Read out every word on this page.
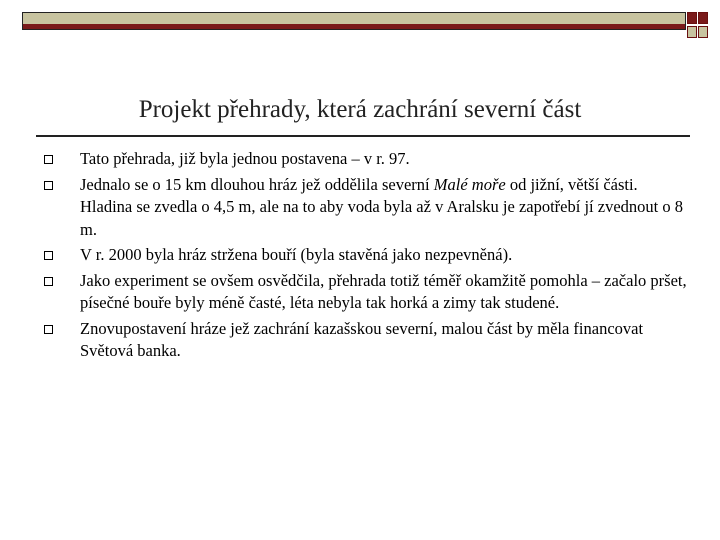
Projekt přehrady, která zachrání severní část
Tato přehrada, již byla jednou postavena – v r. 97.
Jednalo se o 15 km dlouhou hráz jež oddělila severní Malé moře od jižní, větší části. Hladina se zvedla o 4,5 m, ale na to aby voda byla až v Aralsku je zapotřebí jí zvednout o 8 m.
V r. 2000 byla hráz stržena bouří (byla stavěná jako nezpevněná).
Jako experiment se ovšem osvědčila, přehrada totiž téměř okamžitě pomohla – začalo pršet, písečné bouře byly méně časté, léta nebyla tak horká a zimy tak studené.
Znovupostavení hráze jež zachrání kazašskou severní, malou část by měla financovat Světová banka.
